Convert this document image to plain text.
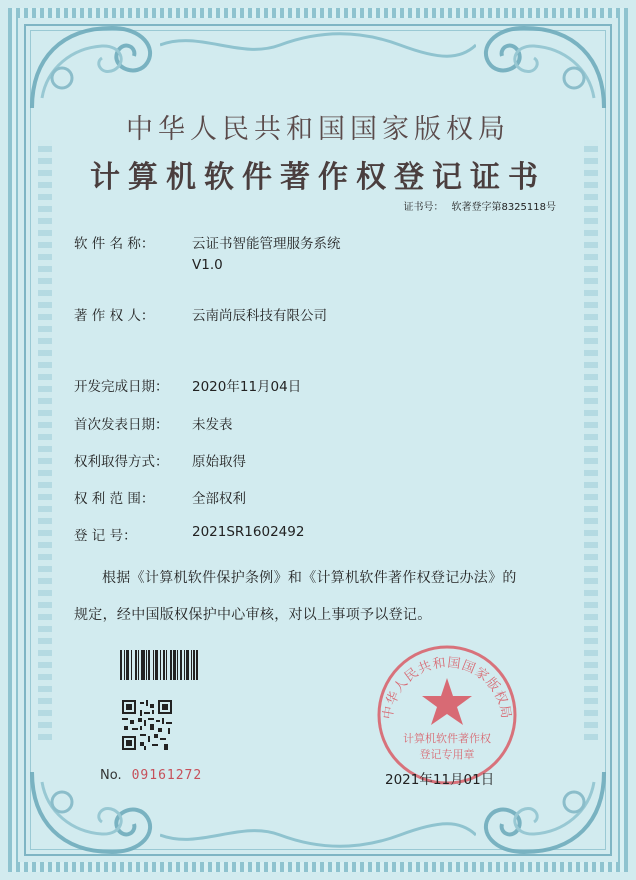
中华人民共和国国家版权局
计算机软件著作权登记证书
证书号： 软著登字第8325118号
软 件 名 称：	云证书智能管理服务系统
V1.0
著 作 权 人：	云南尚辰科技有限公司
开发完成日期：	2020年11月04日
首次发表日期：	未发表
权利取得方式：	原始取得
权 利 范 围：	全部权利
登 记 号：	2021SR1602492
根据《计算机软件保护条例》和《计算机软件著作权登记办法》的
规定，经中国版权保护中心审核，对以上事项予以登记。
No. 09161272
中华人民共和国国家版权局
计算机软件著作权
登记专用章
2021年11月01日
